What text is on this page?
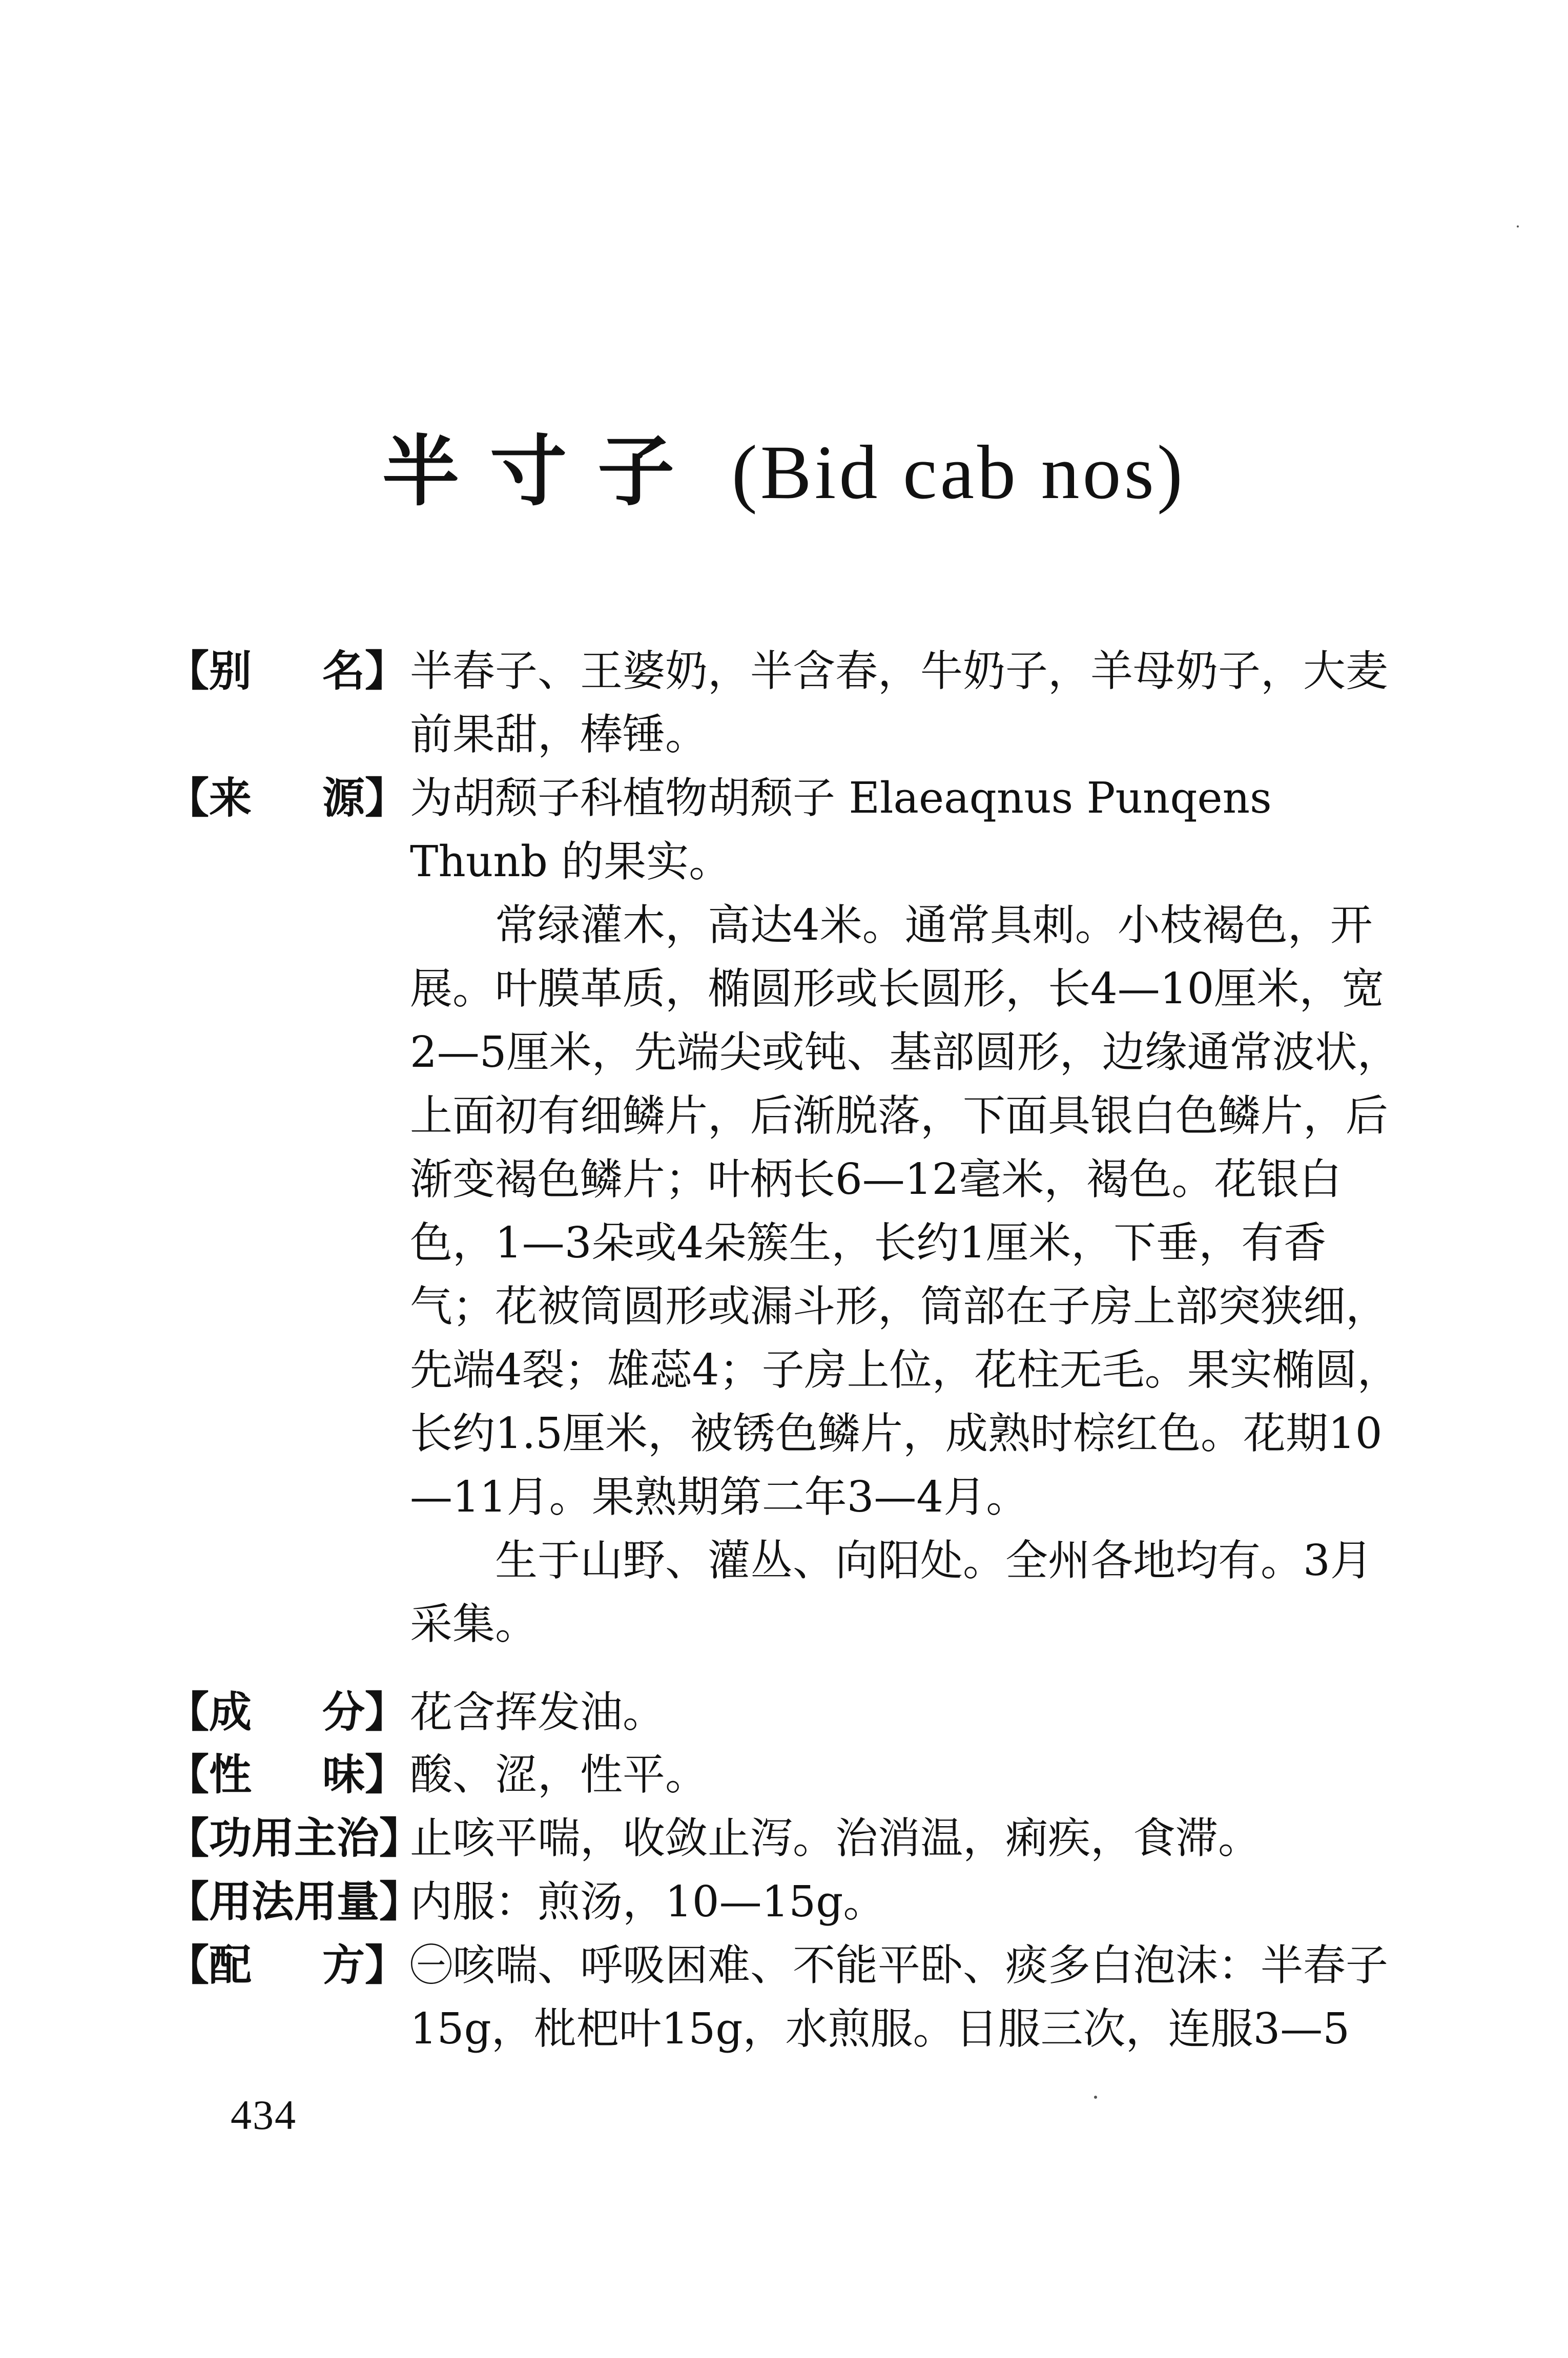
半寸子 (Bid cab nos)
【别 名】 半春子、王婆奶，半含春，牛奶子，羊母奶子，大麦前果甜，棒锤。

【来 源】 为胡颓子科植物胡颓子 Elaeaqnus Punqens Thunb 的果实。

常绿灌木，高达4米。通常具刺。小枝褐色，开展。叶膜革质，椭圆形或长圆形，长4—10厘米，宽2—5厘米，先端尖或钝、基部圆形，边缘通常波状，上面初有细鳞片，后渐脱落，下面具银白色鳞片，后渐变褐色鳞片；叶柄长6—12毫米，褐色。花银白色，1—3朵或4朵簇生，长约1厘米，下垂，有香气；花被筒圆形或漏斗形，筒部在子房上部突狭细，先端4裂；雄蕊4；子房上位，花柱无毛。果实椭圆，长约1.5厘米，被锈色鳞片，成熟时棕红色。花期10—11月。果熟期第二年3—4月。

生于山野、灌丛、向阳处。全州各地均有。3月采集。

【成 分】 花含挥发油。

【性 味】 酸、涩，性平。

【功用主治】

止咳平喘，收敛止泻。治消温，痢疾，食滞。

【用法用量】

内服：煎汤，10—15g。

【配 方】 ㊀咳喘、呼吸困难、不能平卧、痰多白泡沫：半春子15g，枇杷叶15g，水煎服。日服三次，连服3—5

434
